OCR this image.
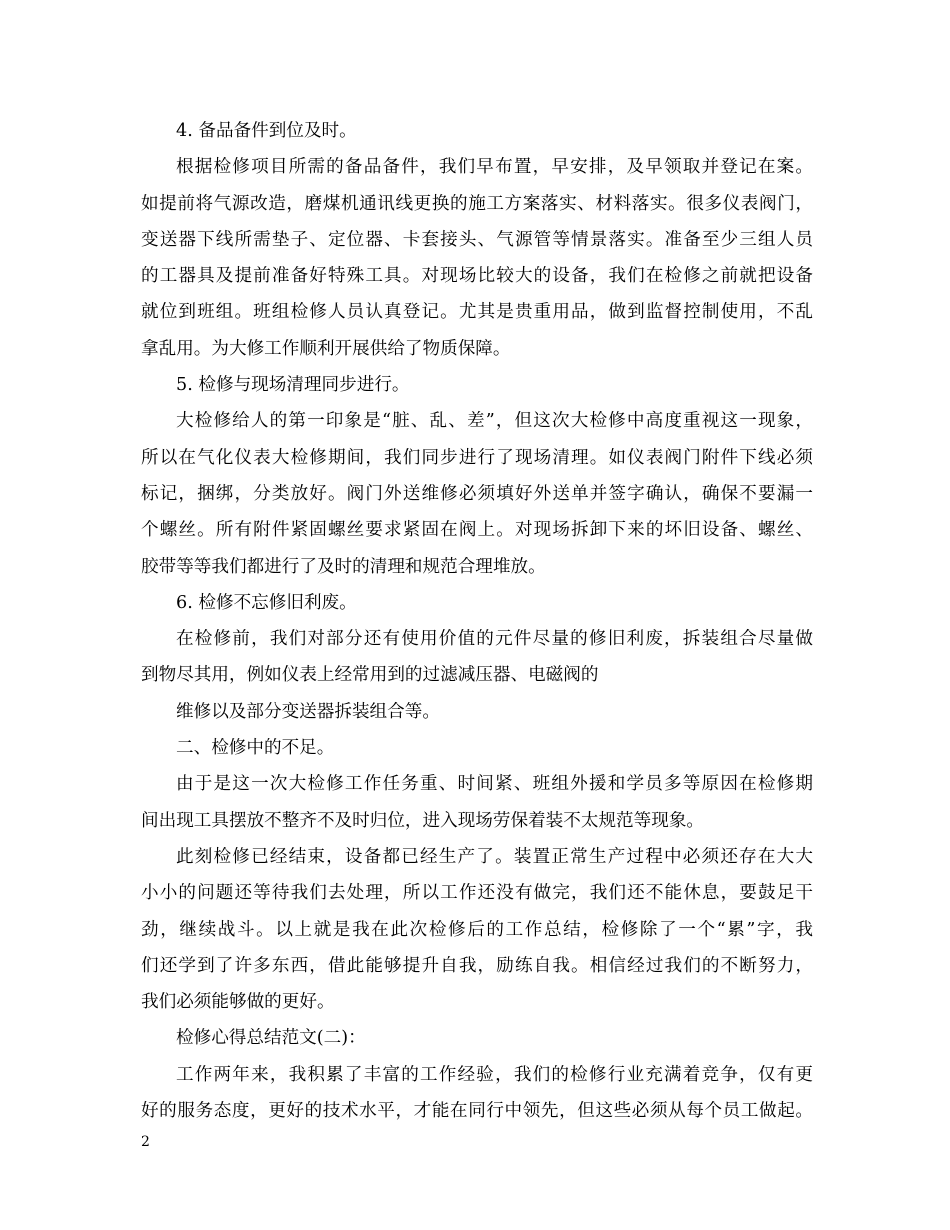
4. 备品备件到位及时。
根据检修项目所需的备品备件，我们早布置，早安排，及早领取并登记在案。
如提前将气源改造，磨煤机通讯线更换的施工方案落实、材料落实。很多仪表阀门，
变送器下线所需垫子、定位器、卡套接头、气源管等情景落实。准备至少三组人员
的工器具及提前准备好特殊工具。对现场比较大的设备，我们在检修之前就把设备
就位到班组。班组检修人员认真登记。尤其是贵重用品，做到监督控制使用，不乱
拿乱用。为大修工作顺利开展供给了物质保障。
5. 检修与现场清理同步进行。
大检修给人的第一印象是“脏、乱、差”，但这次大检修中高度重视这一现象，
所以在气化仪表大检修期间，我们同步进行了现场清理。如仪表阀门附件下线必须
标记，捆绑，分类放好。阀门外送维修必须填好外送单并签字确认，确保不要漏一
个螺丝。所有附件紧固螺丝要求紧固在阀上。对现场拆卸下来的坏旧设备、螺丝、
胶带等等我们都进行了及时的清理和规范合理堆放。
6. 检修不忘修旧利废。
在检修前，我们对部分还有使用价值的元件尽量的修旧利废，拆装组合尽量做
到物尽其用，例如仪表上经常用到的过滤减压器、电磁阀的
维修以及部分变送器拆装组合等。
二、检修中的不足。
由于是这一次大检修工作任务重、时间紧、班组外援和学员多等原因在检修期
间出现工具摆放不整齐不及时归位，进入现场劳保着装不太规范等现象。
此刻检修已经结束，设备都已经生产了。装置正常生产过程中必须还存在大大
小小的问题还等待我们去处理，所以工作还没有做完，我们还不能休息，要鼓足干
劲，继续战斗。以上就是我在此次检修后的工作总结，检修除了一个“累”字，我
们还学到了许多东西，借此能够提升自我，励练自我。相信经过我们的不断努力，
我们必须能够做的更好。
检修心得总结范文(二)：
工作两年来，我积累了丰富的工作经验，我们的检修行业充满着竞争，仅有更
好的服务态度，更好的技术水平，才能在同行中领先，但这些必须从每个员工做起。
2
